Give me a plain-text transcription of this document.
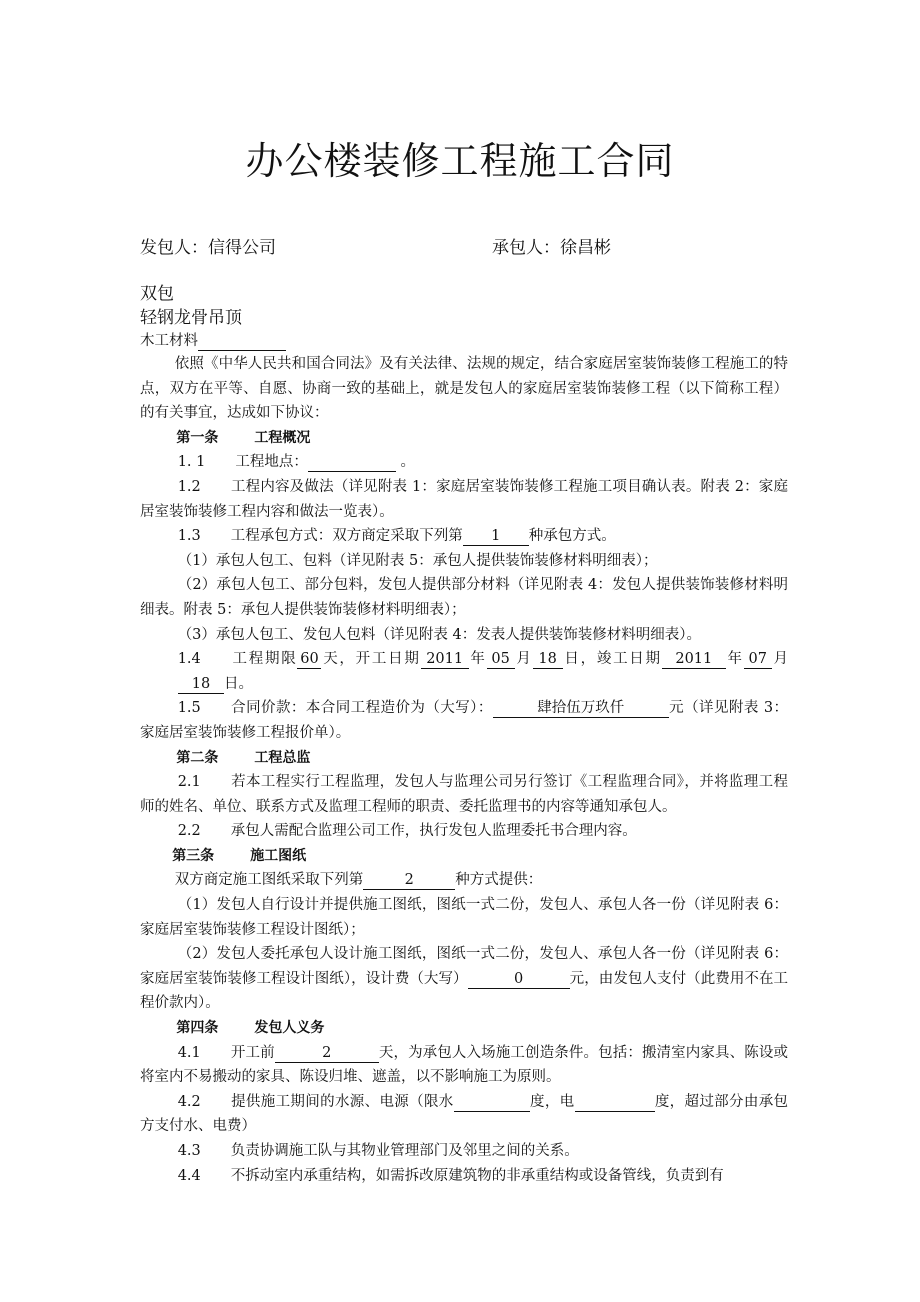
办公楼装修工程施工合同
发包人：信得公司	承包人：徐昌彬
双包
轻钢龙骨吊顶
木工材料

依照《中华人民共和国合同法》及有关法律、法规的规定，结合家庭居室装饰装修工程施工的特点，双方在平等、自愿、协商一致的基础上，就是发包人的家庭居室装饰装修工程（以下简称工程）的有关事宜，达成如下协议：

第一条	工程概况

1. 1 工程地点：	。

1.2 工程内容及做法（详见附表 1：家庭居室装饰装修工程施工项目确认表。附表 2：家庭居室装饰装修工程内容和做法一览表）。

1.3 工程承包方式：双方商定采取下列第 1 种承包方式。

（1）承包人包工、包料（详见附表 5：承包人提供装饰装修材料明细表）；

（2）承包人包工、部分包料，发包人提供部分材料（详见附表 4：发包人提供装饰装修材料明细表。附表 5：承包人提供装饰装修材料明细表）；

（3）承包人包工、发包人包料（详见附表 4：发表人提供装饰装修材料明细表）。

1.4 工程期限 60 天，开工日期 2011 年 05 月 18 日，竣工日期 2011 年 07 月18 日。

1.5 合同价款：本合同工程造价为（大写）：	肆拾伍万玖仟	元（详见附表 3：家庭居室装饰装修工程报价单）。

第二条	工程总监

2.1 若本工程实行工程监理，发包人与监理公司另行签订《工程监理合同》，并将监理工程师的姓名、单位、联系方式及监理工程师的职责、委托监理书的内容等通知承包人。

2.2 承包人需配合监理公司工作，执行发包人监理委托书合理内容。

第三条	施工图纸

双方商定施工图纸采取下列第	2	种方式提供：

（1）发包人自行设计并提供施工图纸，图纸一式二份，发包人、承包人各一份（详见附表 6：家庭居室装饰装修工程设计图纸）；

（2）发包人委托承包人设计施工图纸，图纸一式二份，发包人、承包人各一份（详见附表 6：家庭居室装饰装修工程设计图纸），设计费（大写）	0	元，由发包人支付（此费用不在工程价款内）。

第四条	发包人义务

4.1 开工前	2	天，为承包人入场施工创造条件。包括：搬清室内家具、陈设或将室内不易搬动的家具、陈设归堆、遮盖，以不影响施工为原则。

4.2 提供施工期间的水源、电源（限水	度，电	度，超过部分由承包方支付水、电费）

4.3 负责协调施工队与其物业管理部门及邻里之间的关系。

4.4 不拆动室内承重结构，如需拆改原建筑物的非承重结构或设备管线，负责到有
